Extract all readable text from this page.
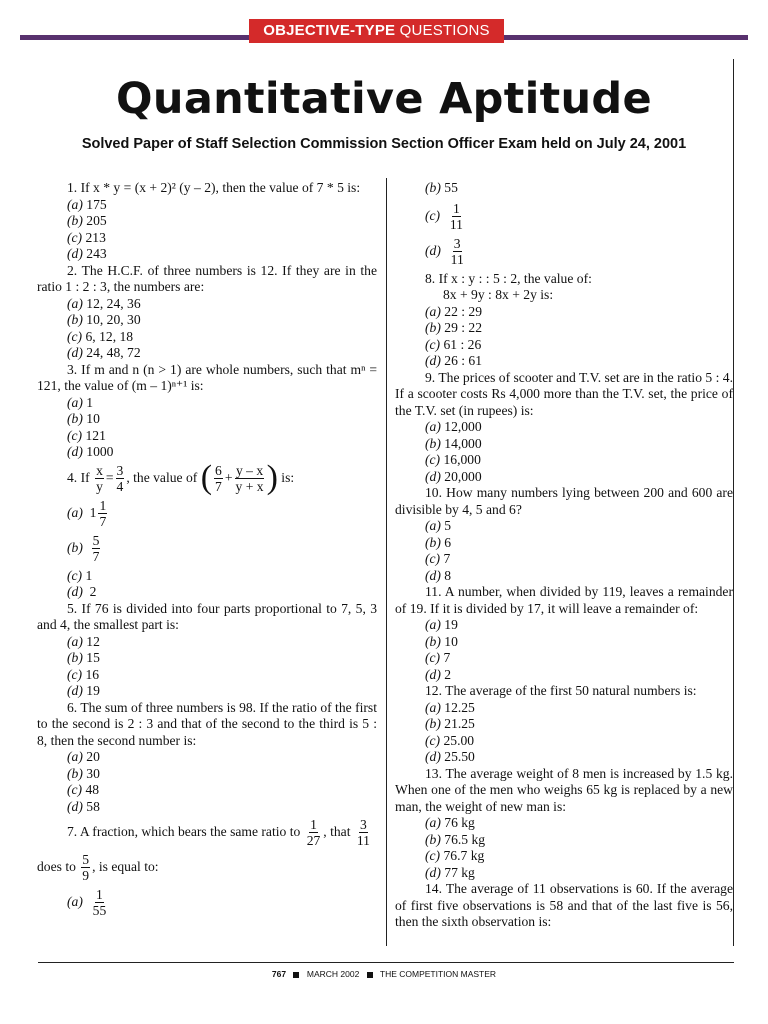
OBJECTIVE-TYPE QUESTIONS
Quantitative Aptitude
Solved Paper of Staff Selection Commission Section Officer Exam held on July 24, 2001
1. If x * y = (x + 2)² (y – 2), then the value of 7 * 5 is:
(a) 175
(b) 205
(c) 213
(d) 243
2. The H.C.F. of three numbers is 12. If they are in the ratio 1 : 2 : 3, the numbers are:
(a) 12, 24, 36
(b) 10, 20, 30
(c) 6, 12, 18
(d) 24, 48, 72
3. If m and n (n > 1) are whole numbers, such that mⁿ = 121, the value of (m – 1)ⁿ⁺¹ is:
(a) 1
(b) 10
(c) 121
(d) 1000
4. If
$\frac{x}{y} = \frac{3}{4}$ , the value of
( $\frac{6}{7} + \frac{y - x}{y + x}$ )
is:
(a)
$1 \frac{1}{7}$
(b)
$\frac{5}{7}$
(c) 1
(d) 2
5. If 76 is divided into four parts proportional to 7, 5, 3 and 4, the smallest part is:
(a) 12
(b) 15
(c) 16
(d) 19
6. The sum of three numbers is 98. If the ratio of the first to the second is 2 : 3 and that of the second to the third is 5 : 8, then the second number is:
(a) 20
(b) 30
(c) 48
(d) 58
7. A fraction, which bears the same ratio to
$\frac{1}{27}$ , that
$\frac{3}{11}$
does to
$\frac{5}{9}$ , is equal to:
(a)
$\frac{1}{55}$
(b) 55
(c)
$\frac{1}{11}$
(d)
$\frac{3}{11}$
8. If x : y : : 5 : 2, the value of:
8x + 9y : 8x + 2y is:
(a) 22 : 29
(b) 29 : 22
(c) 61 : 26
(d) 26 : 61
9. The prices of scooter and T.V. set are in the ratio 5 : 4. If a scooter costs Rs 4,000 more than the T.V. set, the price of the T.V. set (in rupees) is:
(a) 12,000
(b) 14,000
(c) 16,000
(d) 20,000
10. How many numbers lying between 200 and 600 are divisible by 4, 5 and 6?
(a) 5
(b) 6
(c) 7
(d) 8
11. A number, when divided by 119, leaves a remainder of 19. If it is divided by 17, it will leave a remainder of:
(a) 19
(b) 10
(c) 7
(d) 2
12. The average of the first 50 natural numbers is:
(a) 12.25
(b) 21.25
(c) 25.00
(d) 25.50
13. The average weight of 8 men is increased by 1.5 kg. When one of the men who weighs 65 kg is replaced by a new man, the weight of new man is:
(a) 76 kg
(b) 76.5 kg
(c) 76.7 kg
(d) 77 kg
14. The average of 11 observations is 60. If the average of first five observations is 58 and that of the last five is 56, then the sixth observation is:
767 MARCH 2002 THE COMPETITION MASTER
